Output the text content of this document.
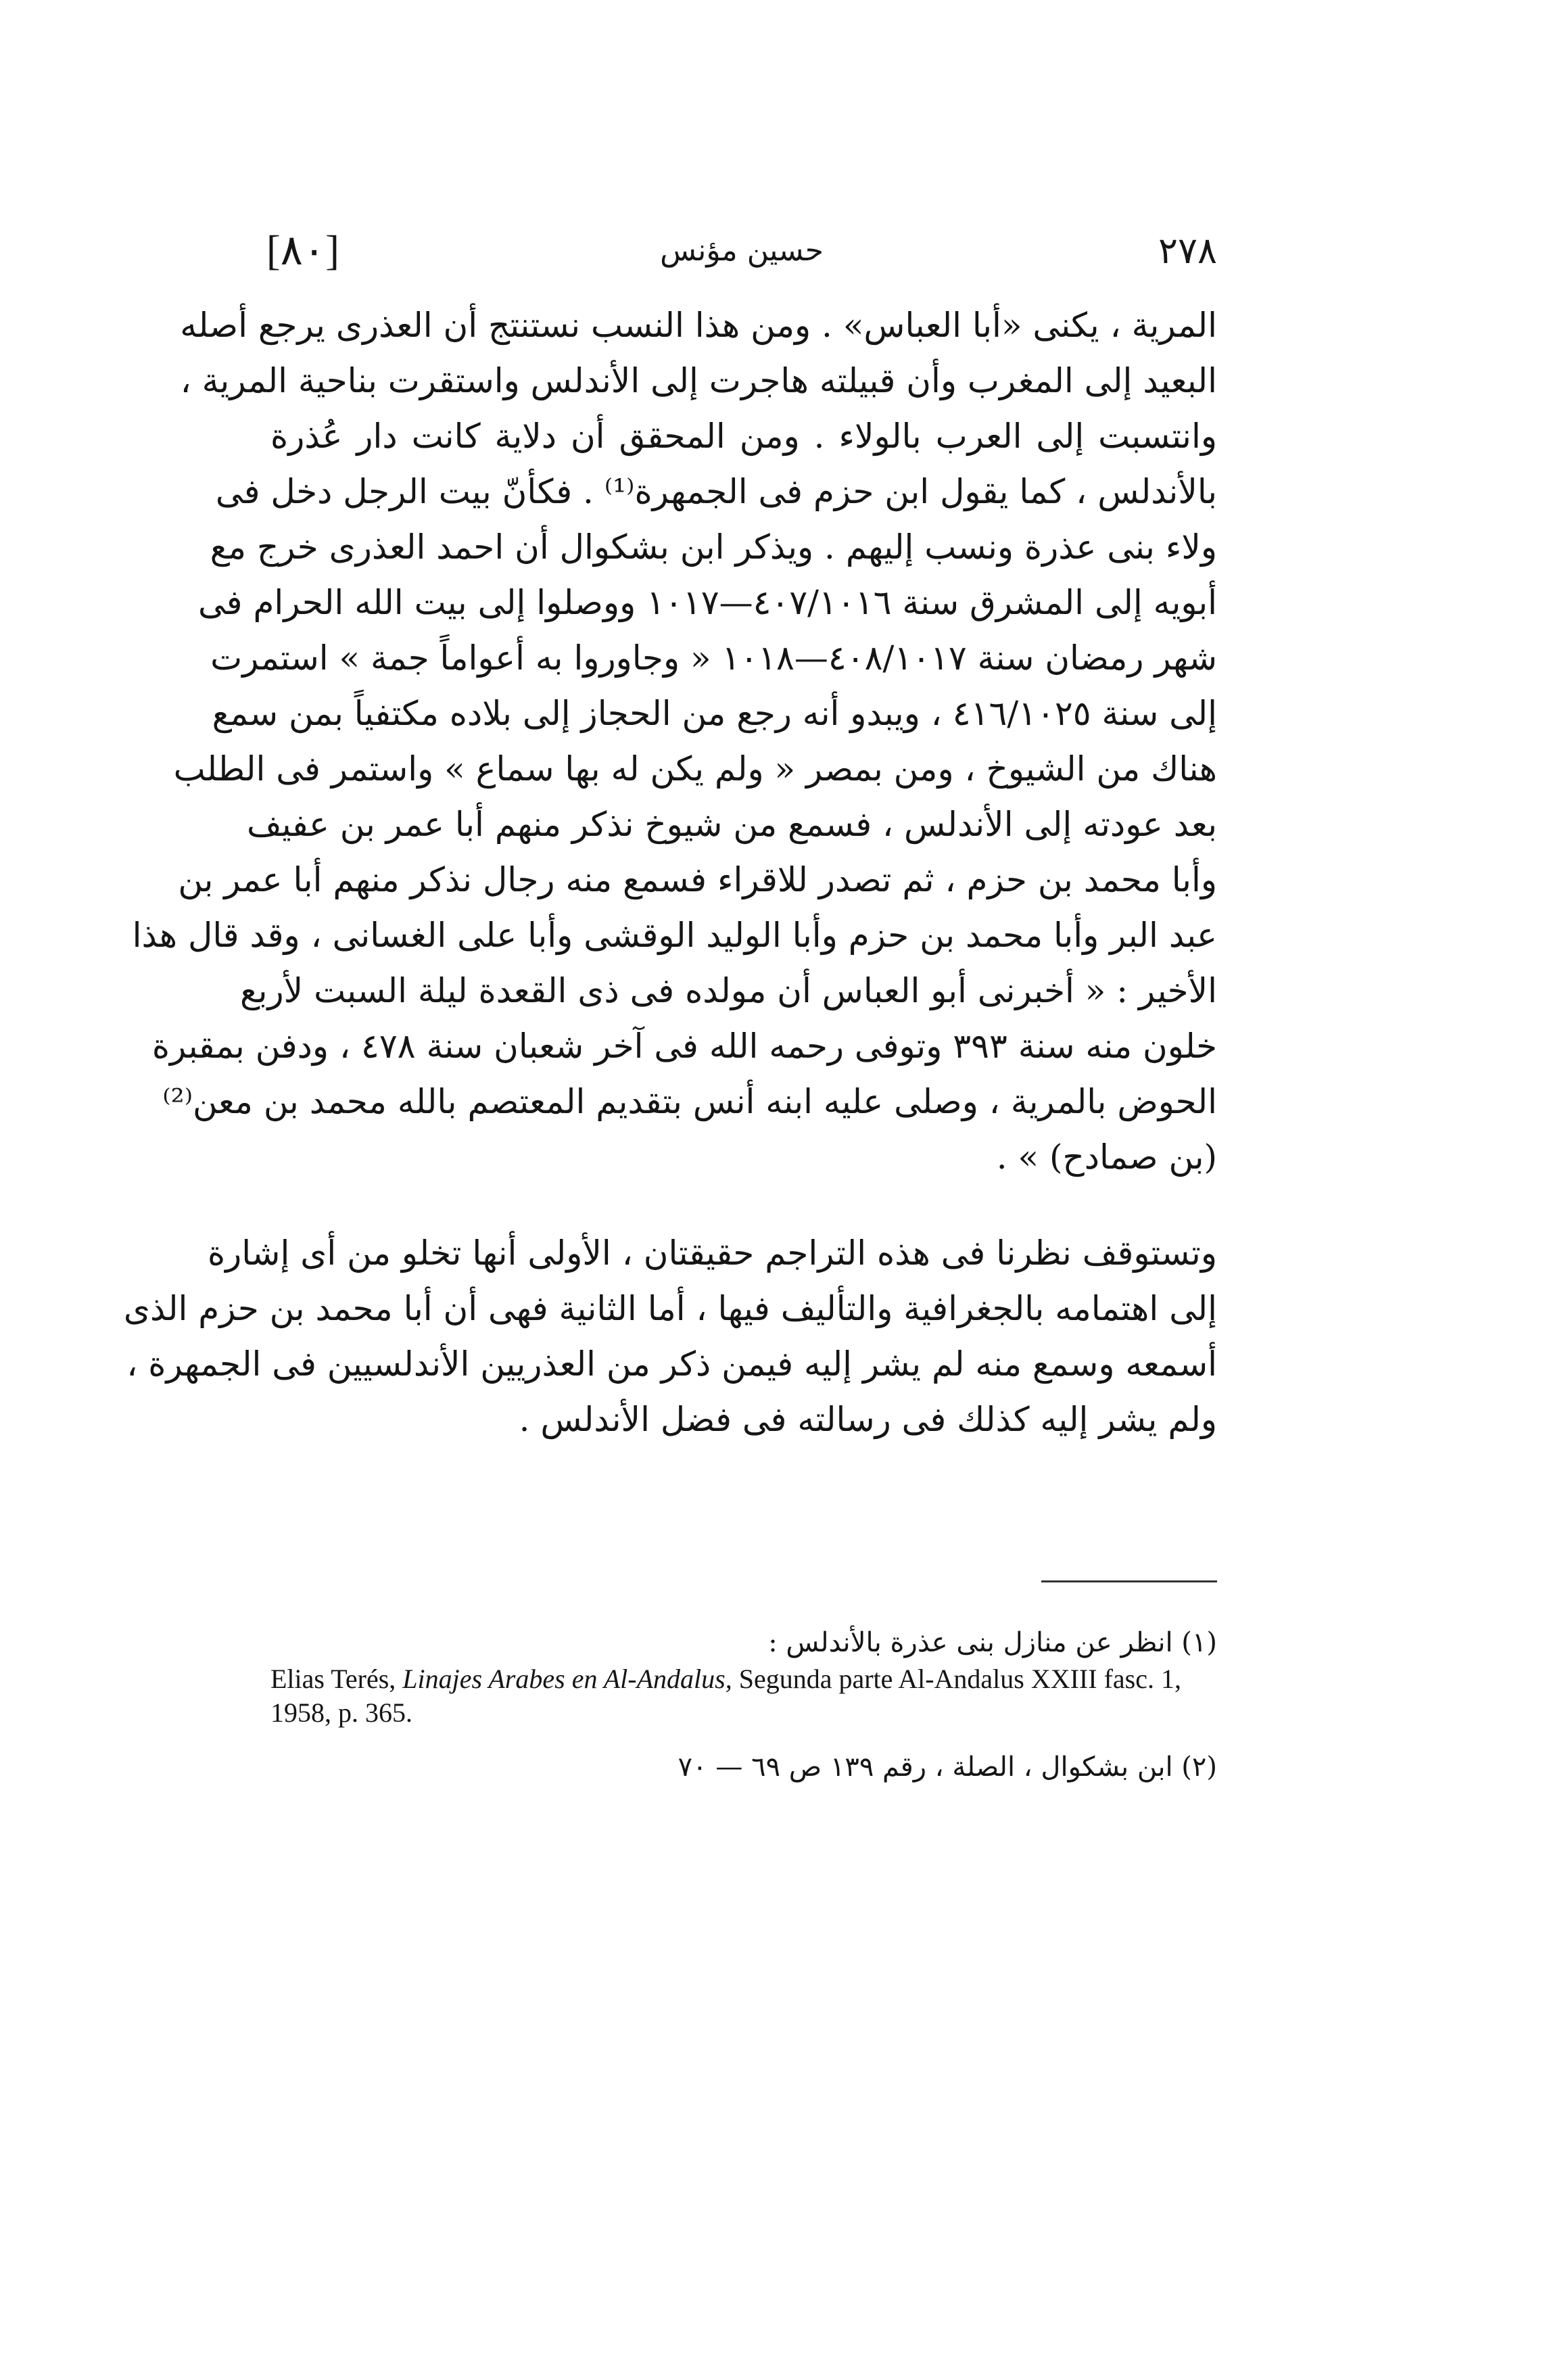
[٨٠]	حسين مؤنس	٢٧٨
المرية ، يكنى «أبا العباس» . ومن هذا النسب نستنتج أن العذرى يرجع أصله
البعيد إلى المغرب وأن قبيلته هاجرت إلى الأندلس واستقرت بناحية المرية ،
وانتسبت إلى العرب بالولاء . ومن المحقق أن دلاية كانت دار عُذرة
بالأندلس ، كما يقول ابن حزم فى الجمهرة⁽¹⁾ . فكأنّ بيت الرجل دخل فى
ولاء بنى عذرة ونسب إليهم . ويذكر ابن بشكوال أن احمد العذرى خرج مع
أبويه إلى المشرق سنة ٤٠٧/١٠١٦—١٠١٧ ووصلوا إلى بيت الله الحرام فى
شهر رمضان سنة ٤٠٨/١٠١٧—١٠١٨ « وجاوروا به أعواماً جمة » استمرت
إلى سنة ٤١٦/١٠٢٥ ، ويبدو أنه رجع من الحجاز إلى بلاده مكتفياً بمن سمع
هناك من الشيوخ ، ومن بمصر « ولم يكن له بها سماع » واستمر فى الطلب
بعد عودته إلى الأندلس ، فسمع من شيوخ نذكر منهم أبا عمر بن عفيف
وأبا محمد بن حزم ، ثم تصدر للاقراء فسمع منه رجال نذكر منهم أبا عمر بن
عبد البر وأبا محمد بن حزم وأبا الوليد الوقشى وأبا على الغسانى ، وقد قال هذا
الأخير : « أخبرنى أبو العباس أن مولده فى ذى القعدة ليلة السبت لأربع
خلون منه سنة ٣٩٣ وتوفى رحمه الله فى آخر شعبان سنة ٤٧٨ ، ودفن بمقبرة
الحوض بالمرية ، وصلى عليه ابنه أنس بتقديم المعتصم بالله محمد بن معن⁽²⁾
(بن صمادح) » .
وتستوقف نظرنا فى هذه التراجم حقيقتان ، الأولى أنها تخلو من أى إشارة
إلى اهتمامه بالجغرافية والتأليف فيها ، أما الثانية فهى أن أبا محمد بن حزم الذى
أسمعه وسمع منه لم يشر إليه فيمن ذكر من العذريين الأندلسيين فى الجمهرة ،
ولم يشر إليه كذلك فى رسالته فى فضل الأندلس .
(١) انظر عن منازل بنى عذرة بالأندلس :
Elias Terés, Linajes Arabes en Al-Andalus, Segunda parte Al-Andalus XXIII fasc. 1, 1958, p. 365.
(٢) ابن بشكوال ، الصلة ، رقم ١٣٩ ص ٦٩ — ٧٠
